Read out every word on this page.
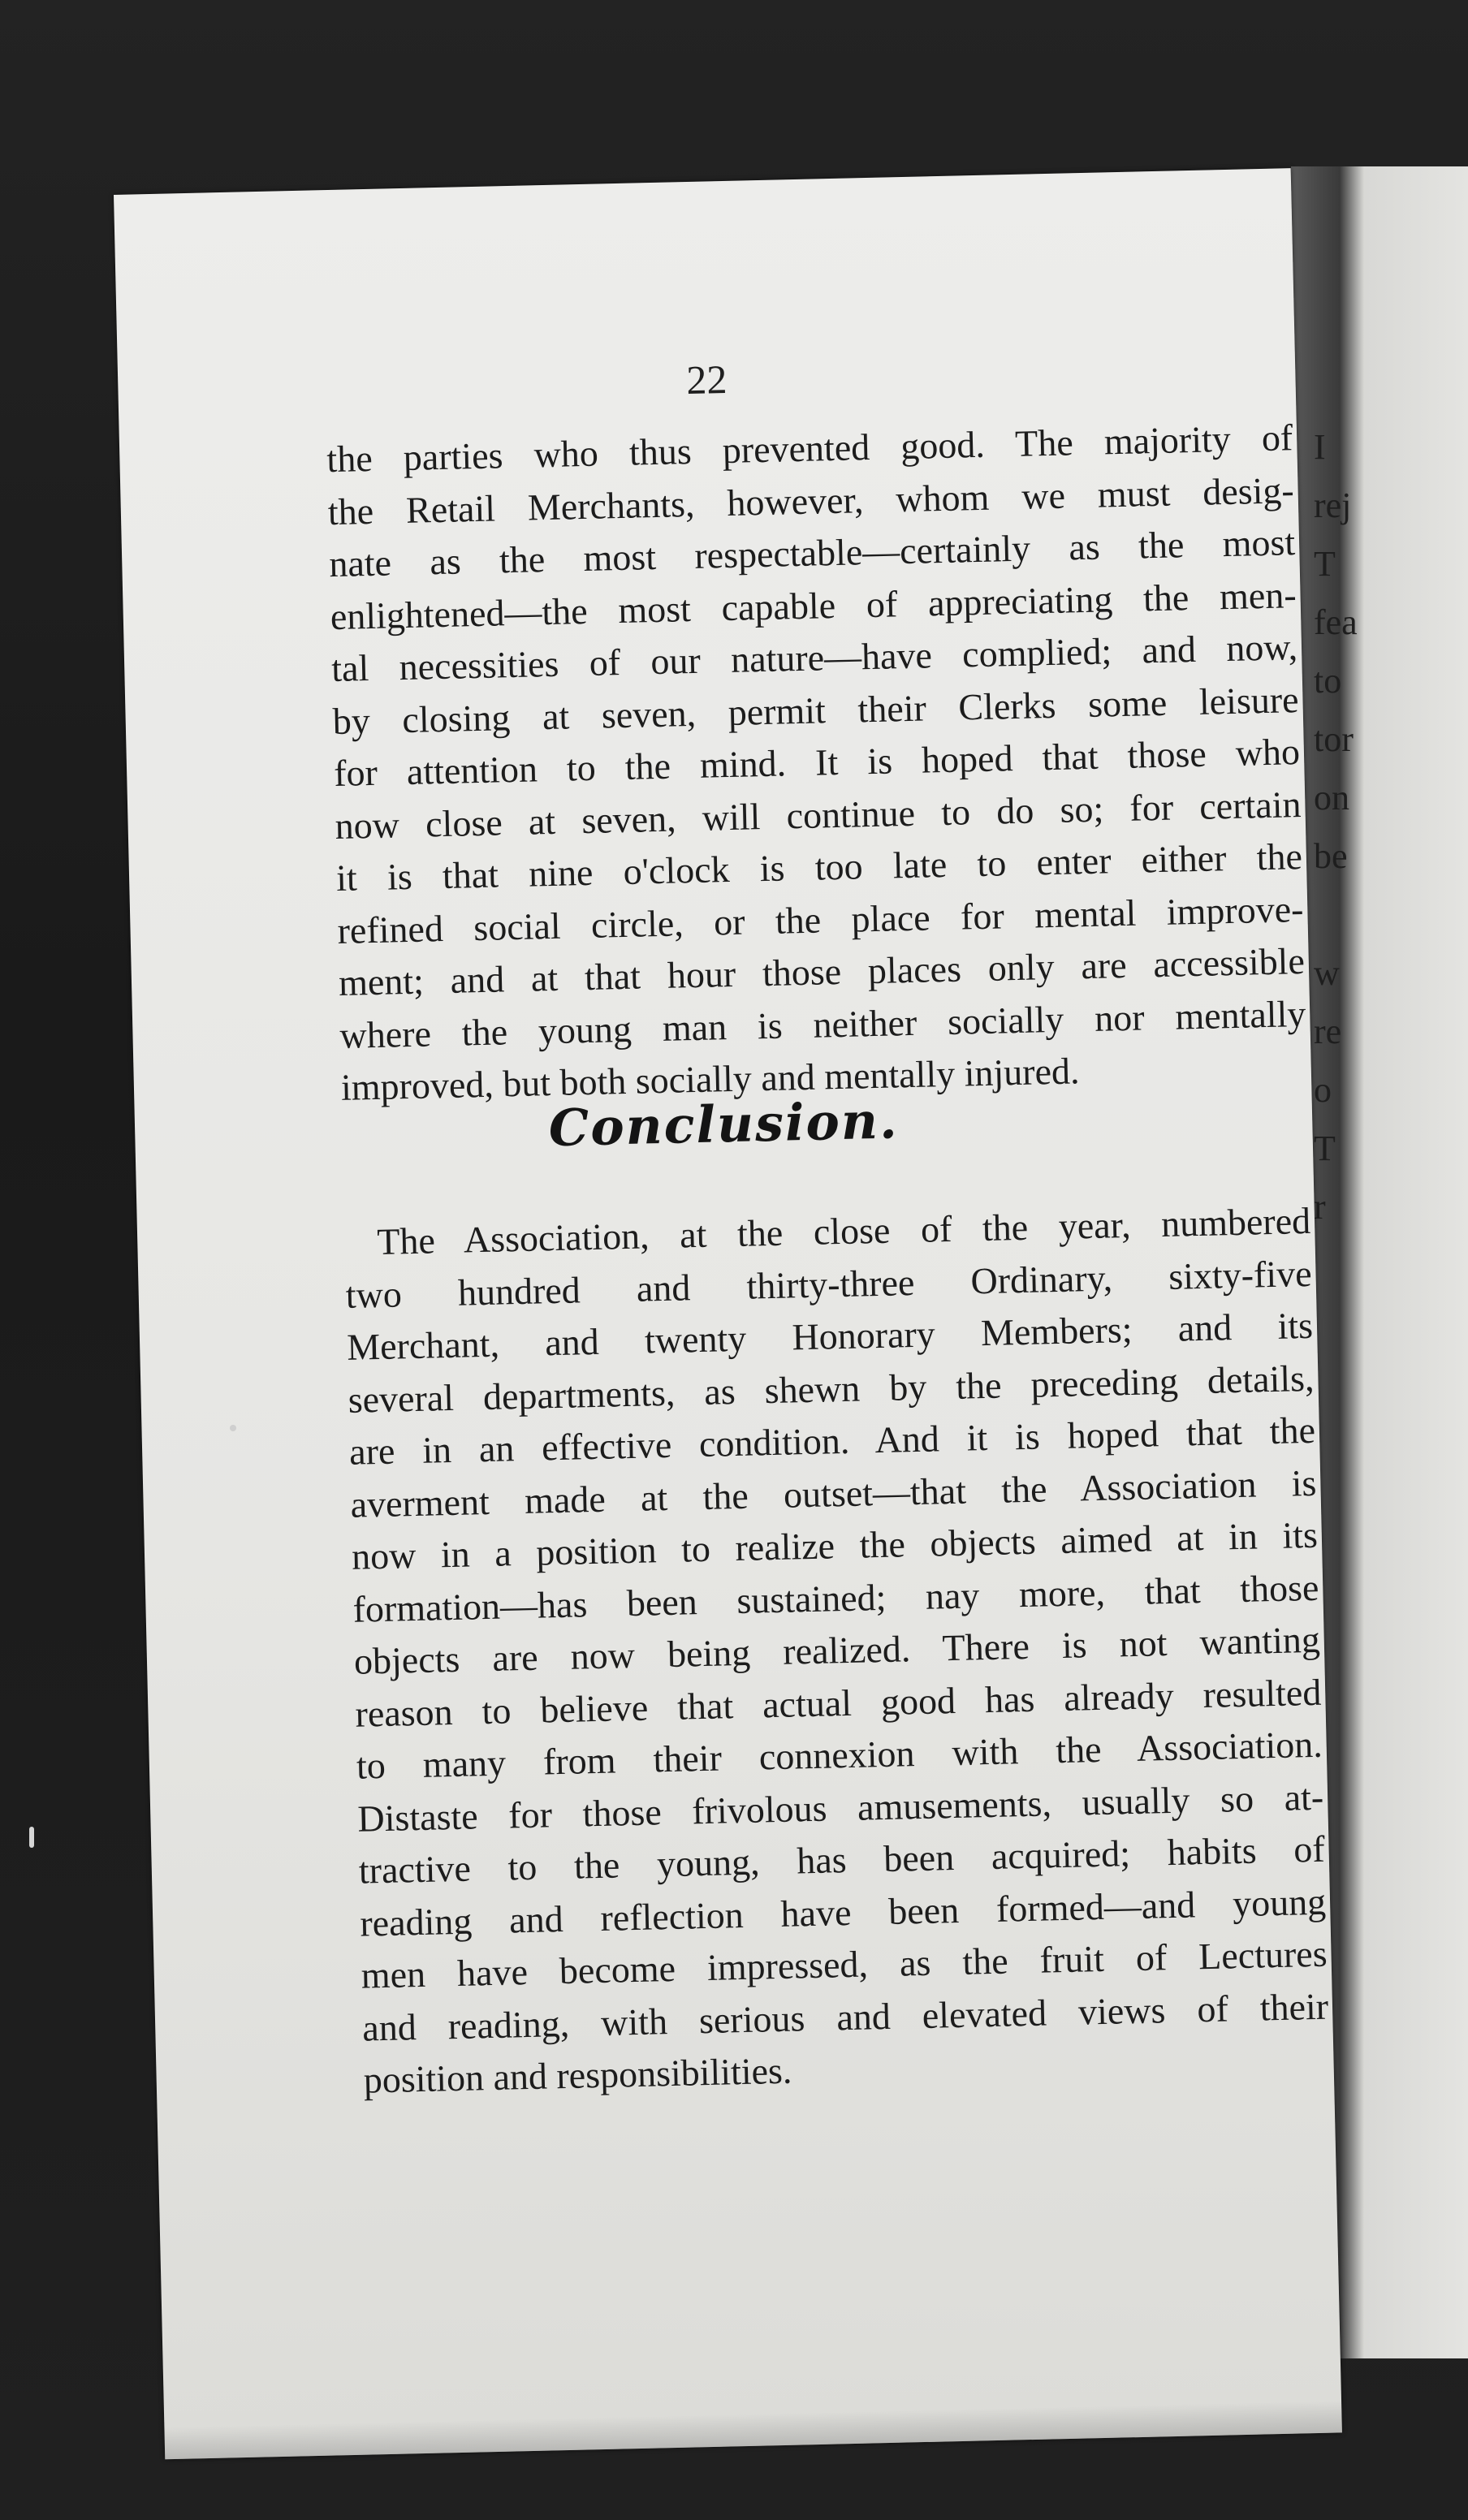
I
rej
T
fea
to
tor
on
be
w
re
o
T
r
22
the parties who thus prevented good. The majority of
the Retail Merchants, however, whom we must desig-
nate as the most respectable—certainly as the most
enlightened—the most capable of appreciating the men-
tal necessities of our nature—have complied; and now,
by closing at seven, permit their Clerks some leisure
for attention to the mind. It is hoped that those who
now close at seven, will continue to do so; for certain
it is that nine o'clock is too late to enter either the
refined social circle, or the place for mental improve-
ment; and at that hour those places only are accessible
where the young man is neither socially nor mentally
improved, but both socially and mentally injured.
Conclusion.
The Association, at the close of the year, numbered
two hundred and thirty-three Ordinary, sixty-five
Merchant, and twenty Honorary Members; and its
several departments, as shewn by the preceding details,
are in an effective condition. And it is hoped that the
averment made at the outset—that the Association is
now in a position to realize the objects aimed at in its
formation—has been sustained; nay more, that those
objects are now being realized. There is not wanting
reason to believe that actual good has already resulted
to many from their connexion with the Association.
Distaste for those frivolous amusements, usually so at-
tractive to the young, has been acquired; habits of
reading and reflection have been formed—and young
men have become impressed, as the fruit of Lectures
and reading, with serious and elevated views of their
position and responsibilities.
